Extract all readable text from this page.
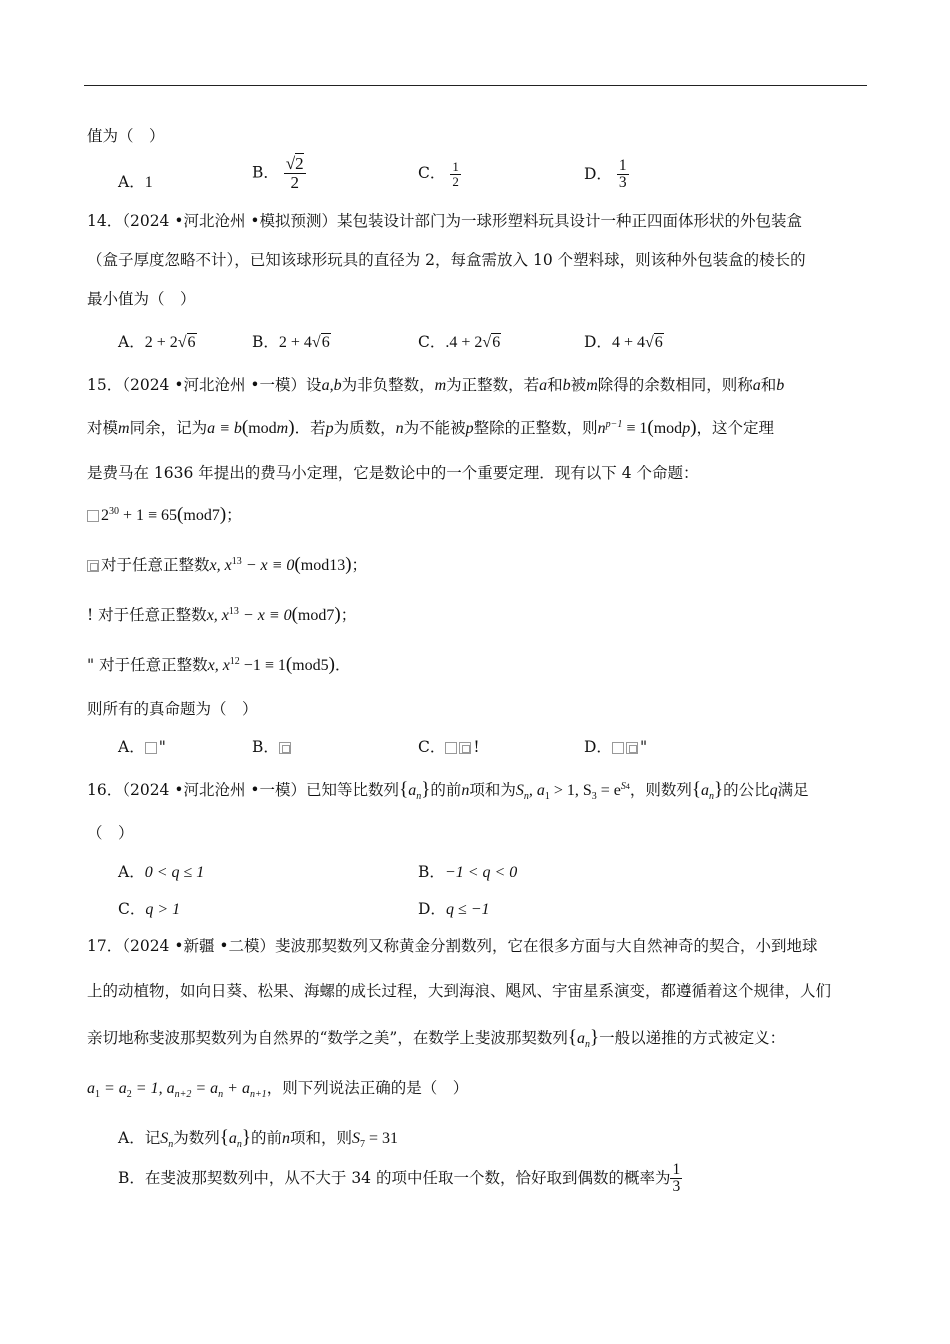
值为（　）
A．1
B． $\frac{√2}{2}$	C． $\frac{1}{2}$	D． $\frac{1}{3}$
14．（2024 •河北沧州 •模拟预测）某包装设计部门为一球形塑料玩具设计一种正四面体形状的外包装盒
（盒子厚度忽略不计），已知该球形玩具的直径为 2，每盒需放入 10 个塑料球，则该种外包装盒的棱长的
最小值为（　）
A．2 + 2√6	B．2 + 4√6	C．.4 + 2√6	D．4 + 4√6
15．（2024 •河北沧州 •一模）设a,b为非负整数，m为正整数，若a和b被m除得的余数相同，则称a和b
对模m同余，记为a ≡ b(modm)．若p为质数，n为不能被p整除的正整数，则$n^{p-1}$ ≡ 1(modp)，这个定理
是费马在 1636 年提出的费马小定理，它是数论中的一个重要定理．现有以下 4 个命题：
$2^{30} + 1 \equiv 65(mod7)$；
对于任意正整数x, $x^{13} - x \equiv 0(mod13)$；
! 对于任意正整数x, $x^{13} - x \equiv 0(mod7)$；
" 对于任意正整数x, $x^{12} -1 \equiv 1(mod5)$．
则所有的真命题为（　）
A． "	B．	C． !	D． "
16．（2024 •河北沧州 •一模）已知等比数列$\{a_n\}$的前n项和为$S_n$, $a_1 > 1$, $S_3 = e^{S4}$，则数列$\{a_n\}$的公比q满足
（　）
A．0 < q ≤ 1	B．−1 < q < 0
C．q > 1	D．q ≤ −1
17．（2024 •新疆 •二模）斐波那契数列又称黄金分割数列，它在很多方面与大自然神奇的契合，小到地球
上的动植物，如向日葵、松果、海螺的成长过程，大到海浪、飓风、宇宙星系演变，都遵循着这个规律，人们
亲切地称斐波那契数列为自然界的“数学之美”，在数学上斐波那契数列$\{a_n\}$一般以递推的方式被定义：
$a_1 = a_2 = 1$, $a_{n+2} = a_n + a_{n+1}$，则下列说法正确的是（　）
A．记$S_n$为数列$\{a_n\}$的前n项和，则$S_7 = 31$
B．在斐波那契数列中，从不大于 34 的项中任取一个数，恰好取到偶数的概率为 $\frac{1}{3}$
